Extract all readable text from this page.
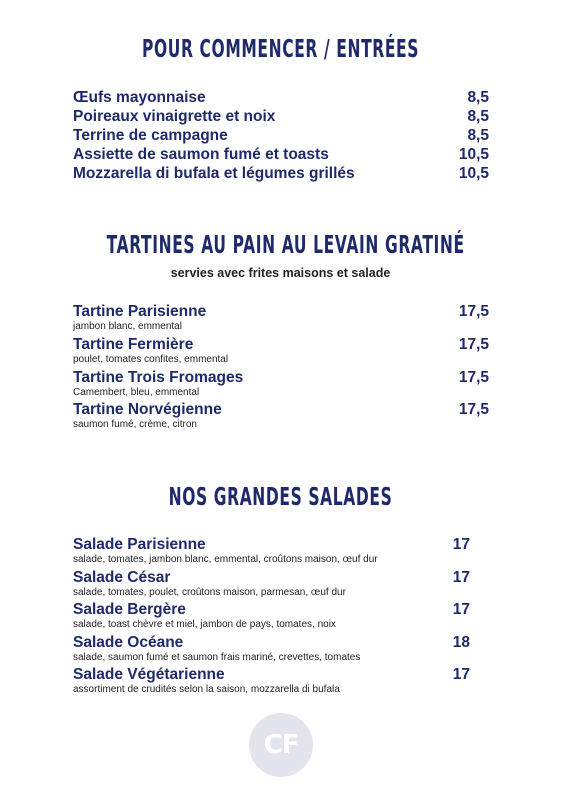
POUR COMMENCER / ENTRÉES
Œufs mayonnaise	8,5
Poireaux vinaigrette et noix	8,5
Terrine de campagne	8,5
Assiette de saumon fumé et toasts	10,5
Mozzarella di bufala et légumes grillés	10,5
TARTINES AU PAIN AU LEVAIN GRATINÉ
servies avec frites maisons et salade
Tartine Parisienne	17,5
jambon blanc, emmental
Tartine Fermière	17,5
poulet, tomates confites, emmental
Tartine Trois Fromages	17,5
Camembert, bleu, emmental
Tartine Norvégienne	17,5
saumon fumé, crème, citron
NOS GRANDES SALADES
Salade Parisienne	17
salade, tomates, jambon blanc, emmental, croûtons maison, œuf dur
Salade César	17
salade, tomates, poulet, croûtons maison, parmesan, œuf dur
Salade Bergère	17
salade, toast chèvre et miel, jambon de pays, tomates, noix
Salade Océane	18
salade, saumon fumé et saumon frais mariné, crevettes, tomates
Salade Végétarienne	17
assortiment de crudités selon la saison, mozzarella di bufala
CF
